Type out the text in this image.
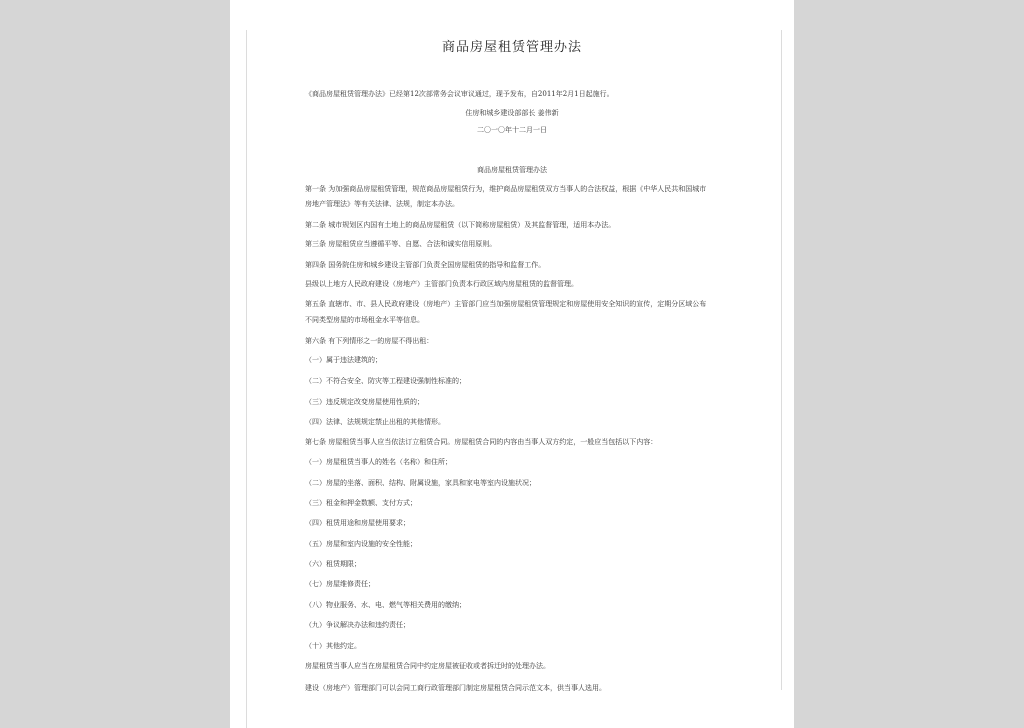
商品房屋租赁管理办法
《商品房屋租赁管理办法》已经第12次部常务会议审议通过，现予发布，自2011年2月1日起施行。
住房和城乡建设部部长 姜伟新
二〇一〇年十二月一日
商品房屋租赁管理办法
第一条 为加强商品房屋租赁管理，规范商品房屋租赁行为，维护商品房屋租赁双方当事人的合法权益，根据《中华人民共和国城市
房地产管理法》等有关法律、法规，制定本办法。
第二条 城市规划区内国有土地上的商品房屋租赁（以下简称房屋租赁）及其监督管理，适用本办法。
第三条 房屋租赁应当遵循平等、自愿、合法和诚实信用原则。
第四条 国务院住房和城乡建设主管部门负责全国房屋租赁的指导和监督工作。
县级以上地方人民政府建设（房地产）主管部门负责本行政区域内房屋租赁的监督管理。
第五条 直辖市、市、县人民政府建设（房地产）主管部门应当加强房屋租赁管理规定和房屋使用安全知识的宣传，定期分区域公布
不同类型房屋的市场租金水平等信息。
第六条 有下列情形之一的房屋不得出租：
（一）属于违法建筑的；
（二）不符合安全、防灾等工程建设强制性标准的；
（三）违反规定改变房屋使用性质的；
（四）法律、法规规定禁止出租的其他情形。
第七条 房屋租赁当事人应当依法订立租赁合同。房屋租赁合同的内容由当事人双方约定，一般应当包括以下内容：
（一）房屋租赁当事人的姓名（名称）和住所；
（二）房屋的坐落、面积、结构、附属设施，家具和家电等室内设施状况；
（三）租金和押金数额、支付方式；
（四）租赁用途和房屋使用要求；
（五）房屋和室内设施的安全性能；
（六）租赁期限；
（七）房屋维修责任；
（八）物业服务、水、电、燃气等相关费用的缴纳；
（九）争议解决办法和违约责任；
（十）其他约定。
房屋租赁当事人应当在房屋租赁合同中约定房屋被征收或者拆迁时的处理办法。
建设（房地产）管理部门可以会同工商行政管理部门制定房屋租赁合同示范文本，供当事人选用。
